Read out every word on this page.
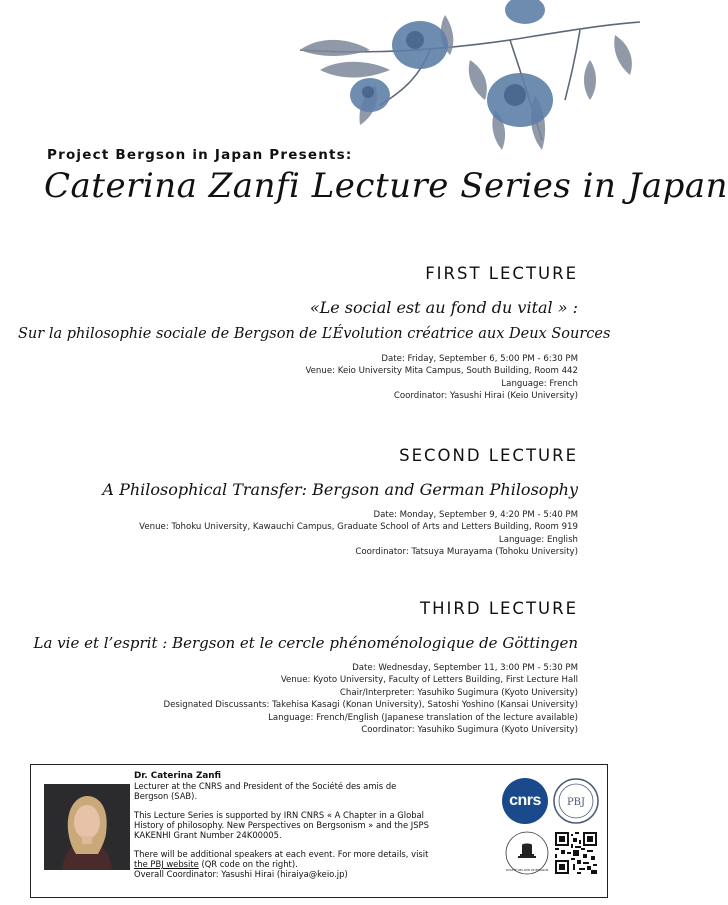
Project Bergson in Japan Presents:
Caterina Zanfi Lecture Series in Japan
FIRST LECTURE
«Le social est au fond du vital » :
Sur la philosophie sociale de Bergson de L’Évolution créatrice aux Deux Sources
Date: Friday, September 6, 5:00 PM - 6:30 PM
Venue: Keio University Mita Campus, South Building, Room 442
Language: French
Coordinator: Yasushi Hirai (Keio University)
SECOND LECTURE
A Philosophical Transfer: Bergson and German Philosophy
Date: Monday, September 9, 4:20 PM - 5:40 PM
Venue: Tohoku University, Kawauchi Campus, Graduate School of Arts and Letters Building, Room 919
Language: English
Coordinator: Tatsuya Murayama (Tohoku University)
THIRD LECTURE
La vie et l’esprit : Bergson et le cercle phénoménologique de Göttingen
Date: Wednesday, September 11, 3:00 PM - 5:30 PM
Venue: Kyoto University, Faculty of Letters Building, First Lecture Hall
Chair/Interpreter: Yasuhiko Sugimura (Kyoto University)
Designated Discussants: Takehisa Kasagi (Konan University), Satoshi Yoshino (Kansai University)
Language: French/English (Japanese translation of the lecture available)
Coordinator: Yasuhiko Sugimura (Kyoto University)

Dr. Caterina Zanfi

Lecturer at the CNRS and President of the Société des amis de

Bergson (SAB).

This Lecture Series is supported by IRN CNRS « A Chapter in a Global

History of philosophy. New Perspectives on Bergsonism » and the JSPS

KAKENHI Grant Number 24K00005.

There will be additional speakers at each event. For more details, visit

the PBJ website (QR code on the right).

Overall Coordinator: Yasushi Hirai (hiraiya@keio.jp)

cnrs	PBJ
SOCIÉTÉ DES AMIS DE BERGSON
